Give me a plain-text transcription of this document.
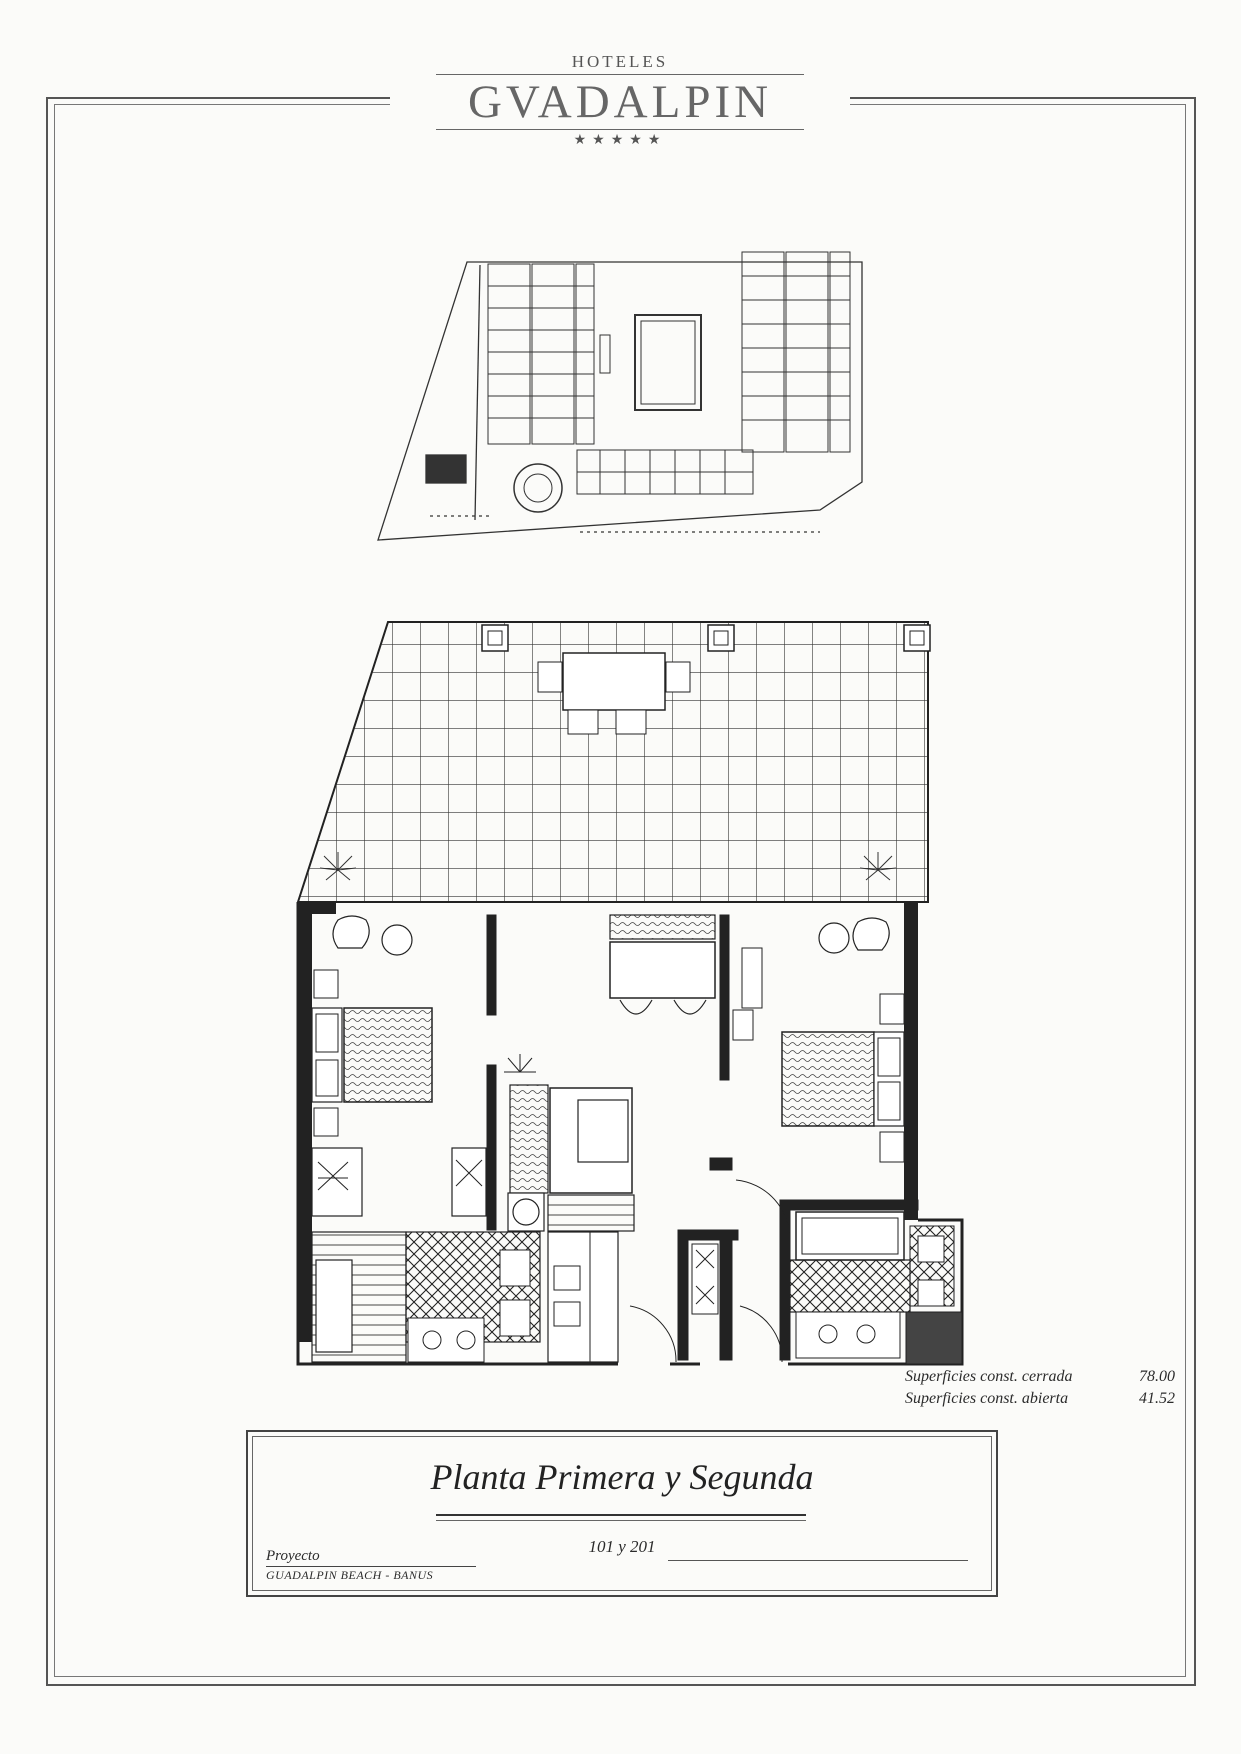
HOTELES
GVADALPIN
★★★★★
Superficies const. cerrada	78.00
Superficies const. abierta	41.52
Planta Primera y Segunda
101 y 201
Proyecto
GUADALPIN BEACH - BANUS
